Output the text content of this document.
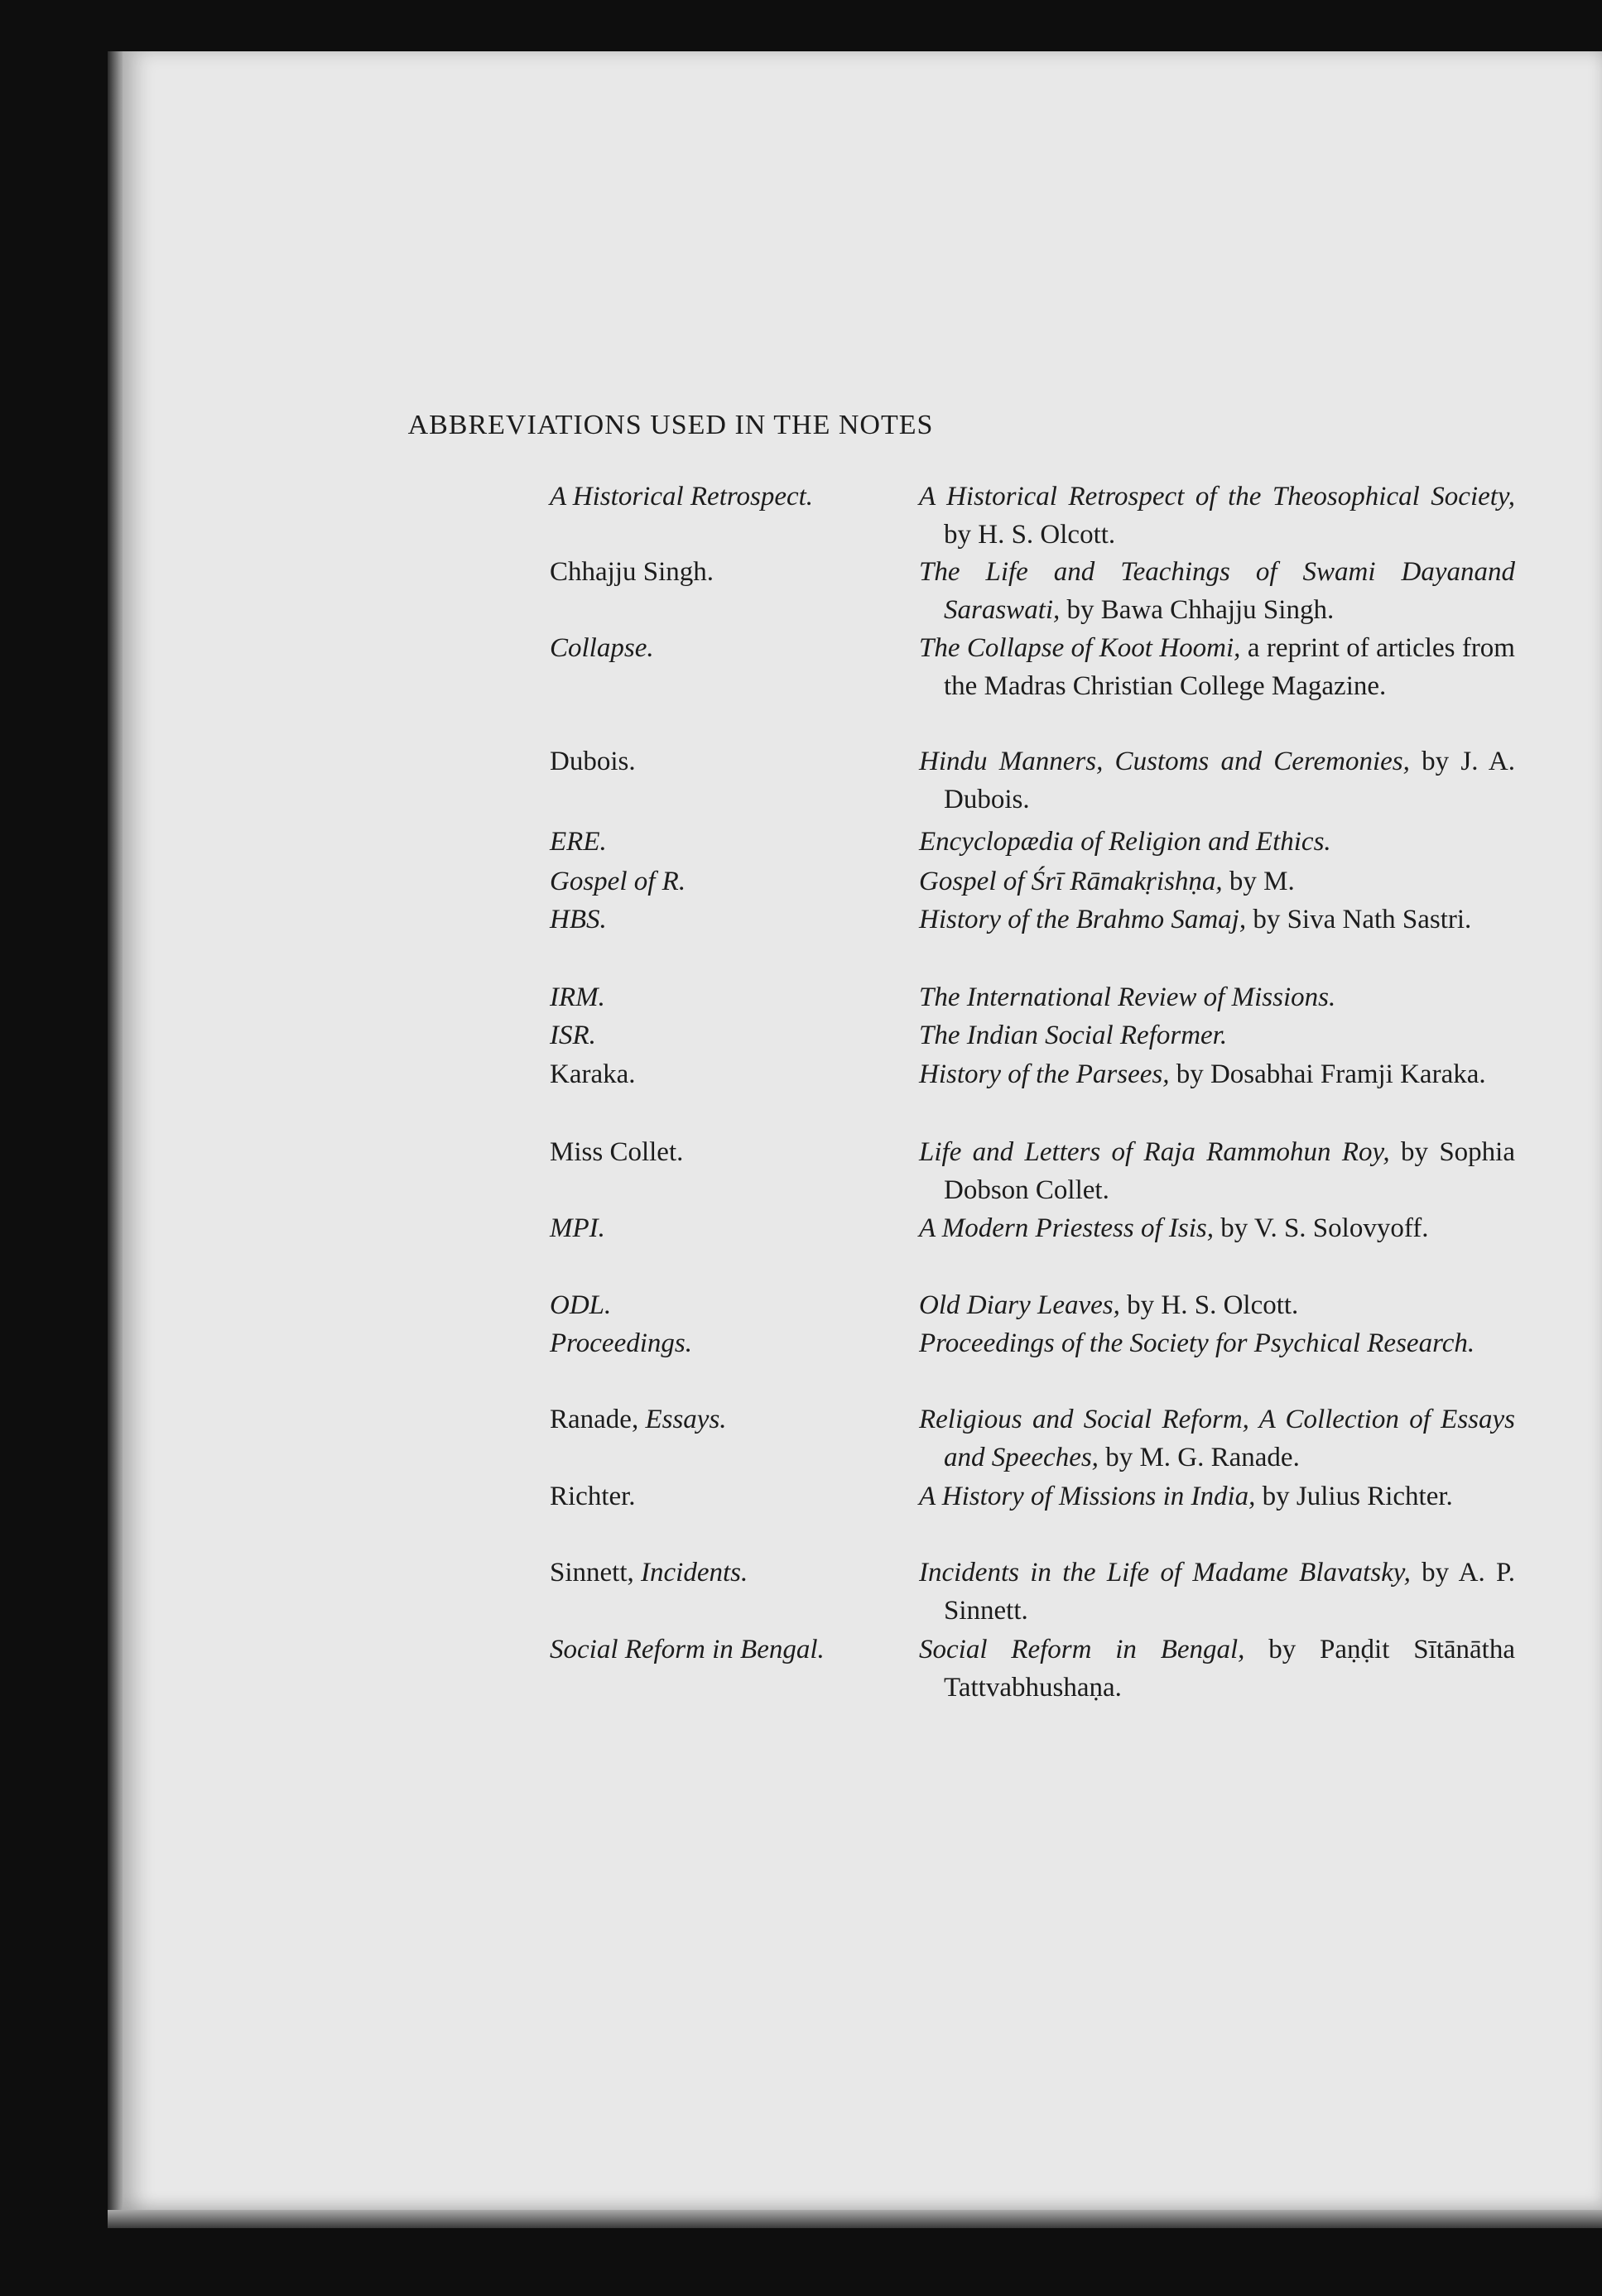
ABBREVIATIONS USED IN THE NOTES
A Historical Retrospect.
Chhajju Singh.
Collapse.
Dubois.
ERE.
Gospel of R.
HBS.
IRM.
ISR.
Karaka.
Miss Collet.
MPI.
ODL.
Proceedings.
Ranade, Essays.
Richter.
Sinnett, Incidents.
Social Reform in Bengal.
A Historical Retrospect of the Theosophical Society, by H. S. Olcott.
The Life and Teachings of Swami Dayanand Saraswati, by Bawa Chhajju Singh.
The Collapse of Koot Hoomi, a reprint of articles from the Madras Christian College Magazine.
Hindu Manners, Customs and Ceremonies, by J. A. Dubois.
Encyclopædia of Religion and Ethics.
Gospel of Śrī Rāmakṛishṇa, by M.
History of the Brahmo Samaj, by Siva Nath Sastri.
The International Review of Missions.
The Indian Social Reformer.
History of the Parsees, by Dosabhai Framji Karaka.
Life and Letters of Raja Rammohun Roy, by Sophia Dobson Collet.
A Modern Priestess of Isis, by V. S. Solovyoff.
Old Diary Leaves, by H. S. Olcott.
Proceedings of the Society for Psychical Research.
Religious and Social Reform, A Collection of Essays and Speeches, by M. G. Ranade.
A History of Missions in India, by Julius Richter.
Incidents in the Life of Madame Blavatsky, by A. P. Sinnett.
Social Reform in Bengal, by Paṇḍit Sītānātha Tattvabhushaṇa.
